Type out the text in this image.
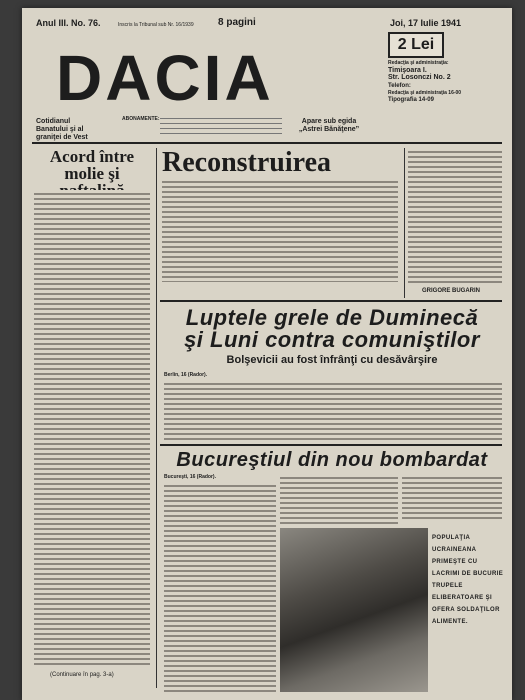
Anul III. No. 76.	Inscris la Tribunal sub Nr. 16/1939 8 pagini	Joi, 17 Iulie 1941
DACIA
Cotidianul
Banatului şi al
graniţei de Vest
ABONAMENTE:	Apare sub egida
„Astrei Bănăţene”
2 Lei
Redacţia şi administraţia:
Timişoara I.
Str. Losonczi No. 2
Telefon:
Redacţia şi administraţia 16-00
Tipografia 14-09
Acord între molie şi
(Continuare în pag. 3-a)
Reconstruirea
GRIGORE BUGARIN
Luptele grele de Duminecă
şi Luni contra comuniştilor
Bolşevicii au fost înfrânţi cu desăvârşire
Berlin, 16 (Rador).
Bucureştiul din nou bombardat
Bucureşti, 16 (Rador).
POPULAŢIA UCRAINEANA PRIMEŞTE CU LACRIMI DE BUCURIE TRUPELE ELIBERATOARE ŞI OFERA SOLDAŢILOR ALIMENTE.
